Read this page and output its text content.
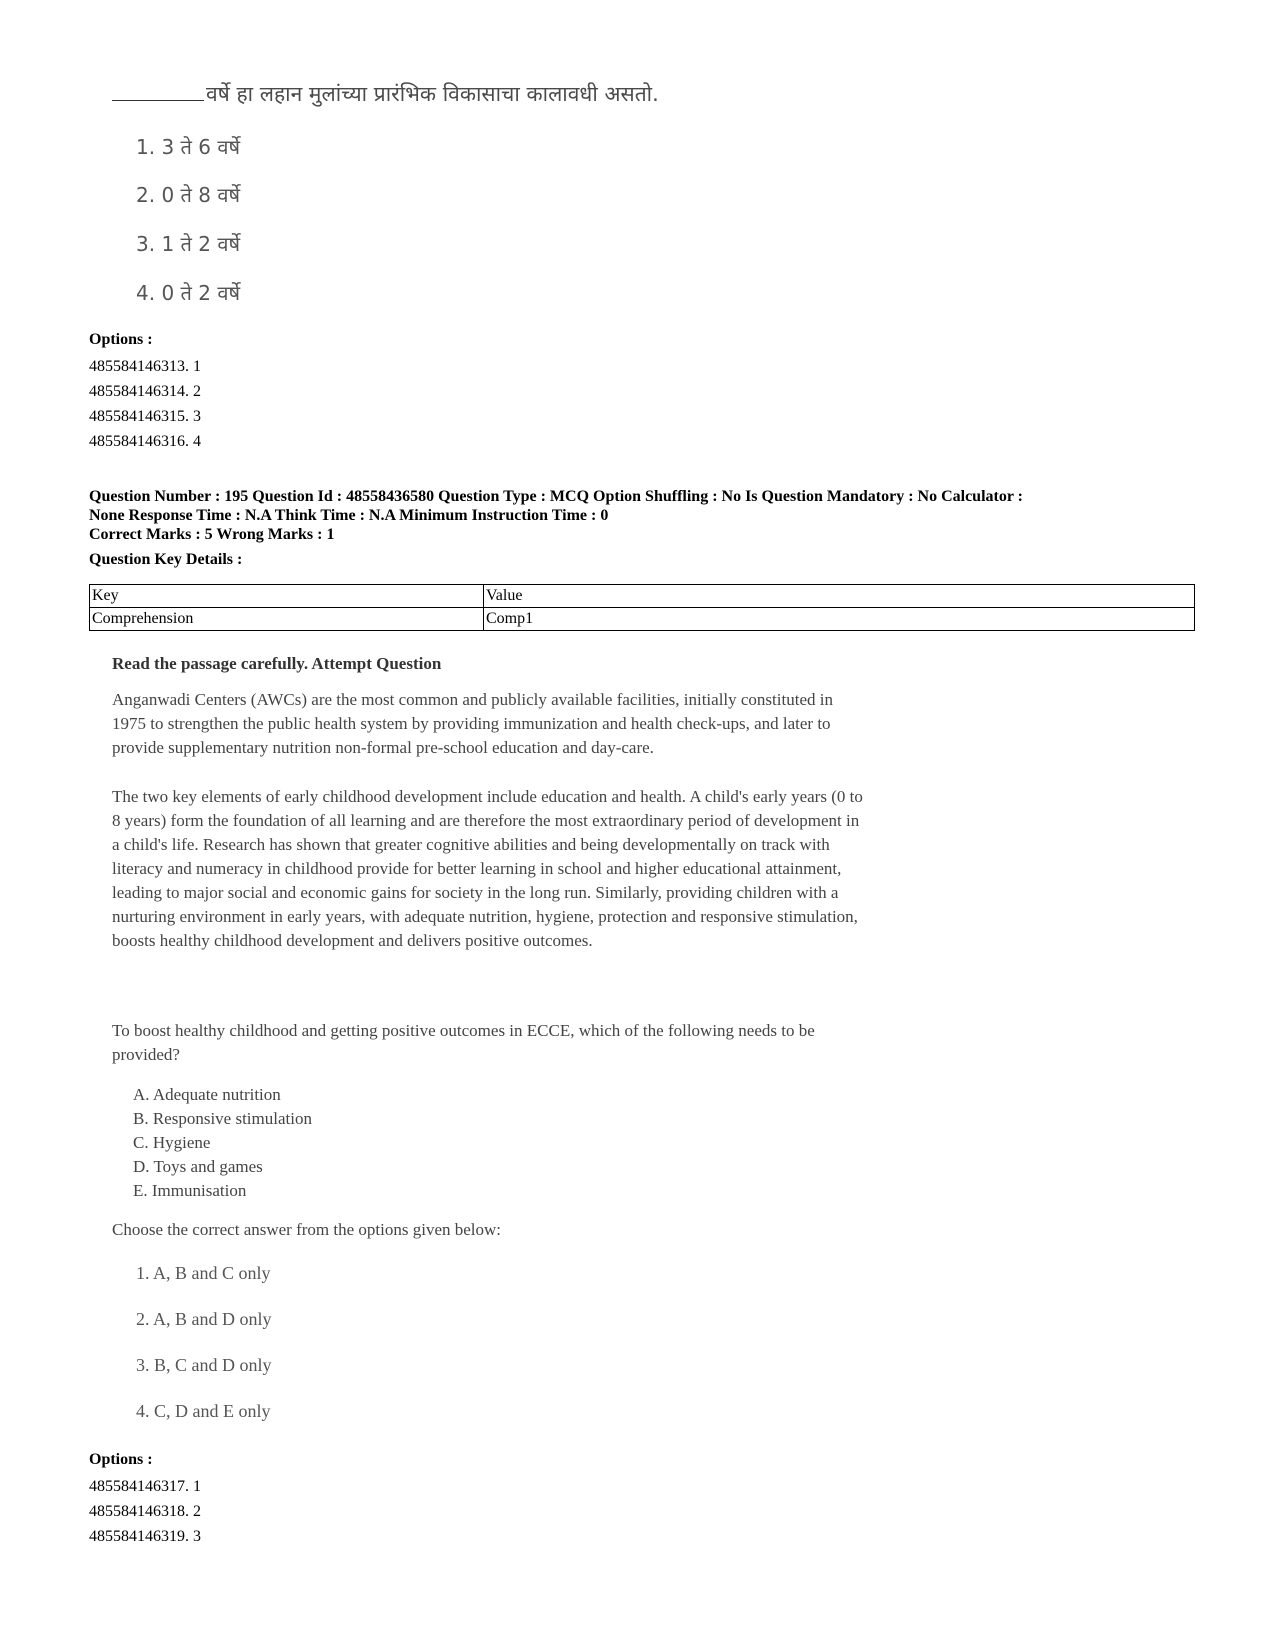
वर्षे हा लहान मुलांच्या प्रारंभिक विकासाचा कालावधी असतो.
1. 3 ते 6 वर्षे
2. 0 ते 8 वर्षे
3. 1 ते 2 वर्षे
4. 0 ते 2 वर्षे
Options :
485584146313. 1
485584146314. 2
485584146315. 3
485584146316. 4
Question Number : 195 Question Id : 48558436580 Question Type : MCQ Option Shuffling : No Is Question Mandatory : No Calculator :
None Response Time : N.A Think Time : N.A Minimum Instruction Time : 0
Correct Marks : 5 Wrong Marks : 1
Question Key Details :
Key	Value
Comprehension	Comp1
Read the passage carefully. Attempt Question
Anganwadi Centers (AWCs) are the most common and publicly available facilities, initially constituted in
1975 to strengthen the public health system by providing immunization and health check-ups, and later to
provide supplementary nutrition non-formal pre-school education and day-care.
The two key elements of early childhood development include education and health. A child's early years (0 to
8 years) form the foundation of all learning and are therefore the most extraordinary period of development in
a child's life. Research has shown that greater cognitive abilities and being developmentally on track with
literacy and numeracy in childhood provide for better learning in school and higher educational attainment,
leading to major social and economic gains for society in the long run. Similarly, providing children with a
nurturing environment in early years, with adequate nutrition, hygiene, protection and responsive stimulation,
boosts healthy childhood development and delivers positive outcomes.
To boost healthy childhood and getting positive outcomes in ECCE, which of the following needs to be
provided?
A. Adequate nutrition
B. Responsive stimulation
C. Hygiene
D. Toys and games
E. Immunisation
Choose the correct answer from the options given below:
1. A, B and C only
2. A, B and D only
3. B, C and D only
4. C, D and E only
Options :
485584146317. 1
485584146318. 2
485584146319. 3
